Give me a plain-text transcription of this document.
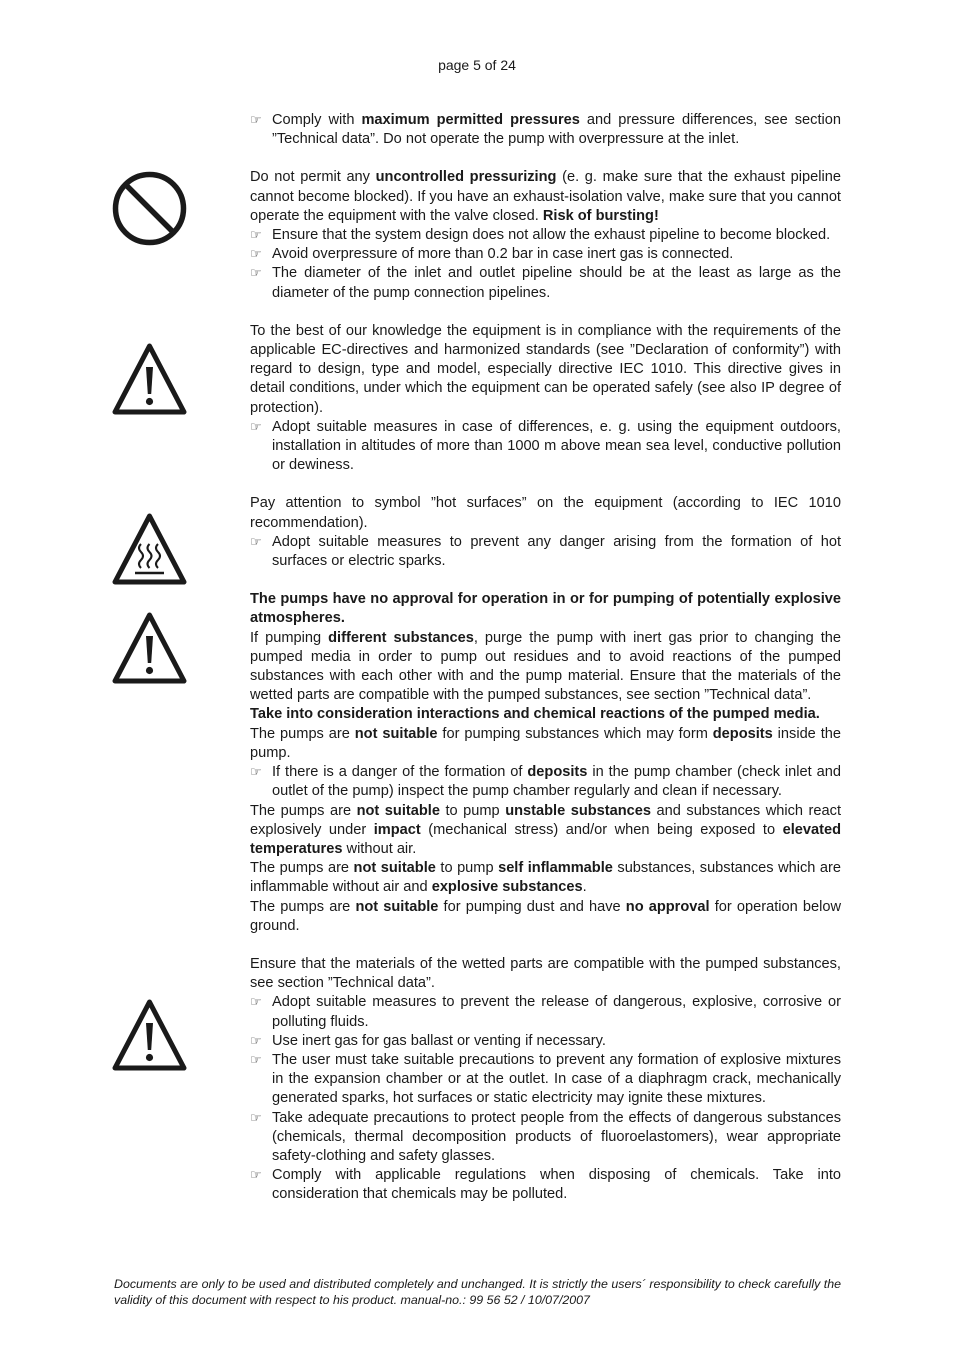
page 5 of 24
☞ Comply with maximum permitted pressures and pressure differences, see section ”Technical data”. Do not operate the pump with overpressure at the inlet.
Do not permit any uncontrolled pressurizing (e. g. make sure that the exhaust pipeline cannot become blocked). If you have an exhaust-isolation valve, make sure that you cannot operate the equipment with the valve closed. Risk of bursting!
☞ Ensure that the system design does not allow the exhaust pipeline to become blocked.
☞ Avoid overpressure of more than 0.2 bar in case inert gas is connected.
☞ The diameter of the inlet and outlet pipeline should be at the least as large as the diameter of the pump connection pipelines.
To the best of our knowledge the equipment is in compliance with the requirements of the applicable EC-directives and harmonized standards (see ”Declaration of conformity”) with regard to design, type and model, especially directive IEC 1010. This directive gives in detail conditions, under which the equipment can be operated safely (see also IP degree of protection).
☞ Adopt suitable measures in case of differences, e. g. using the equipment outdoors, installation in altitudes of more than 1000 m above mean sea level, conductive pollution or dewiness.
Pay attention to symbol ”hot surfaces” on the equipment (according to IEC 1010 recommendation).
☞ Adopt suitable measures to prevent any danger arising from the formation of hot surfaces or electric sparks.
The pumps have no approval for operation in or for pumping of potentially explosive atmospheres.
If pumping different substances, purge the pump with inert gas prior to changing the pumped media in order to pump out residues and to avoid reactions of the pumped substances with each other with and the pump material. Ensure that the materials of the wetted parts are compatible with the pumped substances, see section ”Technical data”.
Take into consideration interactions and chemical reactions of the pumped media.
The pumps are not suitable for pumping substances which may form deposits inside the pump.
☞ If there is a danger of the formation of deposits in the pump chamber (check inlet and outlet of the pump) inspect the pump chamber regularly and clean if necessary.
The pumps are not suitable to pump unstable substances and substances which react explosively under impact (mechanical stress) and/or when being exposed to elevated temperatures without air.
The pumps are not suitable to pump self inflammable substances, substances which are inflammable without air and explosive substances.
The pumps are not suitable for pumping dust and have no approval for operation below ground.
Ensure that the materials of the wetted parts are compatible with the pumped substances, see section ”Technical data”.
☞ Adopt suitable measures to prevent the release of dangerous, explosive, corrosive or polluting fluids.
☞ Use inert gas for gas ballast or venting if necessary.
☞ The user must take suitable precautions to prevent any formation of explosive mixtures in the expansion chamber or at the outlet. In case of a diaphragm crack, mechanically generated sparks, hot surfaces or static electricity may ignite these mixtures.
☞ Take adequate precautions to protect people from the effects of dangerous substances (chemicals, thermal decomposition products of fluoroelastomers), wear appropriate safety-clothing and safety glasses.
☞ Comply with applicable regulations when disposing of chemicals. Take into consideration that chemicals may be polluted.
Documents are only to be used and distributed completely and unchanged. It is strictly the users´ responsibility to check carefully the validity of this document with respect to his product. manual-no.: 99 56 52 / 10/07/2007
